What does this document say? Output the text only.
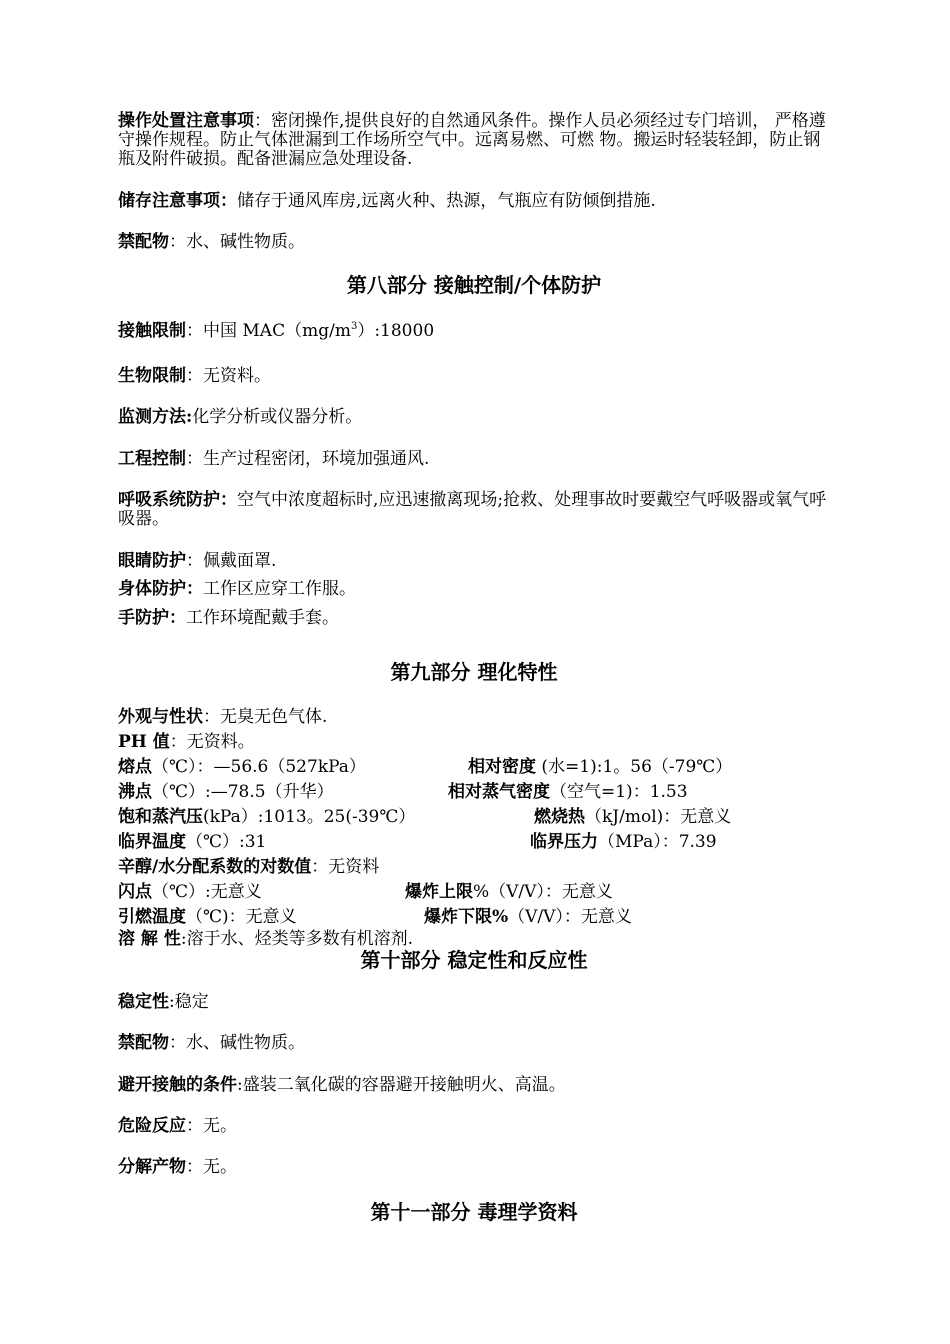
操作处置注意事项：密闭操作,提供良好的自然通风条件。操作人员必须经过专门培训， 严格遵守操作规程。防止气体泄漏到工作场所空气中。远离易燃、可燃 物。搬运时轻装轻卸，防止钢瓶及附件破损。配备泄漏应急处理设备.
储存注意事项：储存于通风库房,远离火种、热源，气瓶应有防倾倒措施.
禁配物：水、碱性物质。
第八部分 接触控制/个体防护
接触限制：中国 $MAC(mg/m^3):18000$
生物限制：无资料。
监测方法:化学分析或仪器分析。
工程控制：生产过程密闭，环境加强通风.
呼吸系统防护：空气中浓度超标时,应迅速撤离现场;抢救、处理事故时要戴空气呼吸器或氧气呼吸器。
眼睛防护：佩戴面罩.
身体防护：工作区应穿工作服。
手防护：工作环境配戴手套。
第九部分 理化特性
外观与性状：无臭无色气体.
PH 值：无资料。
熔点（℃）：—56.6（527kPa）	相对密度 (水=1):1。56（-79℃）
沸点（℃）:—78.5（升华）	相对蒸气密度（空气=1)：1.53
饱和蒸汽压(kPa）:1013。25(-39℃）	燃烧热（kJ/mol)：无意义
临界温度（℃）:31	临界压力（MPa）：7.39
辛醇/水分配系数的对数值：无资料
闪点（℃）:无意义	爆炸上限%（V/V）：无意义
引燃温度（℃)：无意义	爆炸下限%（V/V）：无意义
溶 解 性:溶于水、烃类等多数有机溶剂.
第十部分 稳定性和反应性
稳定性:稳定
禁配物：水、碱性物质。
避开接触的条件:盛装二氧化碳的容器避开接触明火、高温。
危险反应：无。
分解产物：无。
第十一部分 毒理学资料
